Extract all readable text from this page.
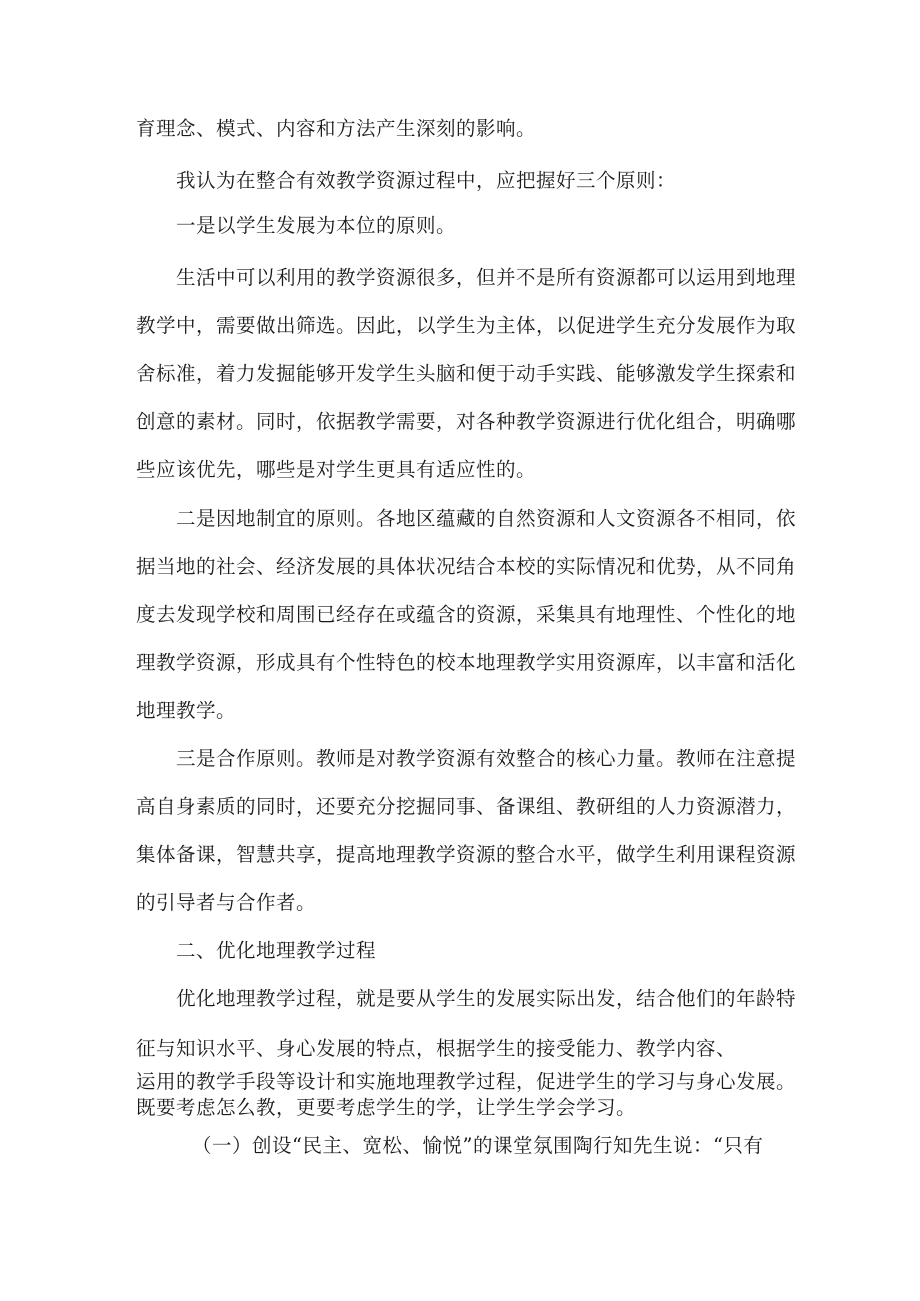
育理念、模式、内容和方法产生深刻的影响。
我认为在整合有效教学资源过程中，应把握好三个原则：
一是以学生发展为本位的原则。
生活中可以利用的教学资源很多，但并不是所有资源都可以运用到地理
教学中，需要做出筛选。因此，以学生为主体，以促进学生充分发展作为取
舍标准，着力发掘能够开发学生头脑和便于动手实践、能够激发学生探索和
创意的素材。同时，依据教学需要，对各种教学资源进行优化组合，明确哪
些应该优先，哪些是对学生更具有适应性的。
二是因地制宜的原则。各地区蕴藏的自然资源和人文资源各不相同，依
据当地的社会、经济发展的具体状况结合本校的实际情况和优势，从不同角
度去发现学校和周围已经存在或蕴含的资源，采集具有地理性、个性化的地
理教学资源，形成具有个性特色的校本地理教学实用资源库，以丰富和活化
地理教学。
三是合作原则。教师是对教学资源有效整合的核心力量。教师在注意提
高自身素质的同时，还要充分挖掘同事、备课组、教研组的人力资源潜力，
集体备课，智慧共享，提高地理教学资源的整合水平，做学生利用课程资源
的引导者与合作者。
二、优化地理教学过程
优化地理教学过程，就是要从学生的发展实际出发，结合他们的年龄特
征与知识水平、身心发展的特点，根据学生的接受能力、教学内容、
运用的教学手段等设计和实施地理教学过程，促进学生的学习与身心发展。
既要考虑怎么教，更要考虑学生的学，让学生学会学习。
（一）创设“民主、宽松、愉悦”的课堂氛围陶行知先生说：“只有
